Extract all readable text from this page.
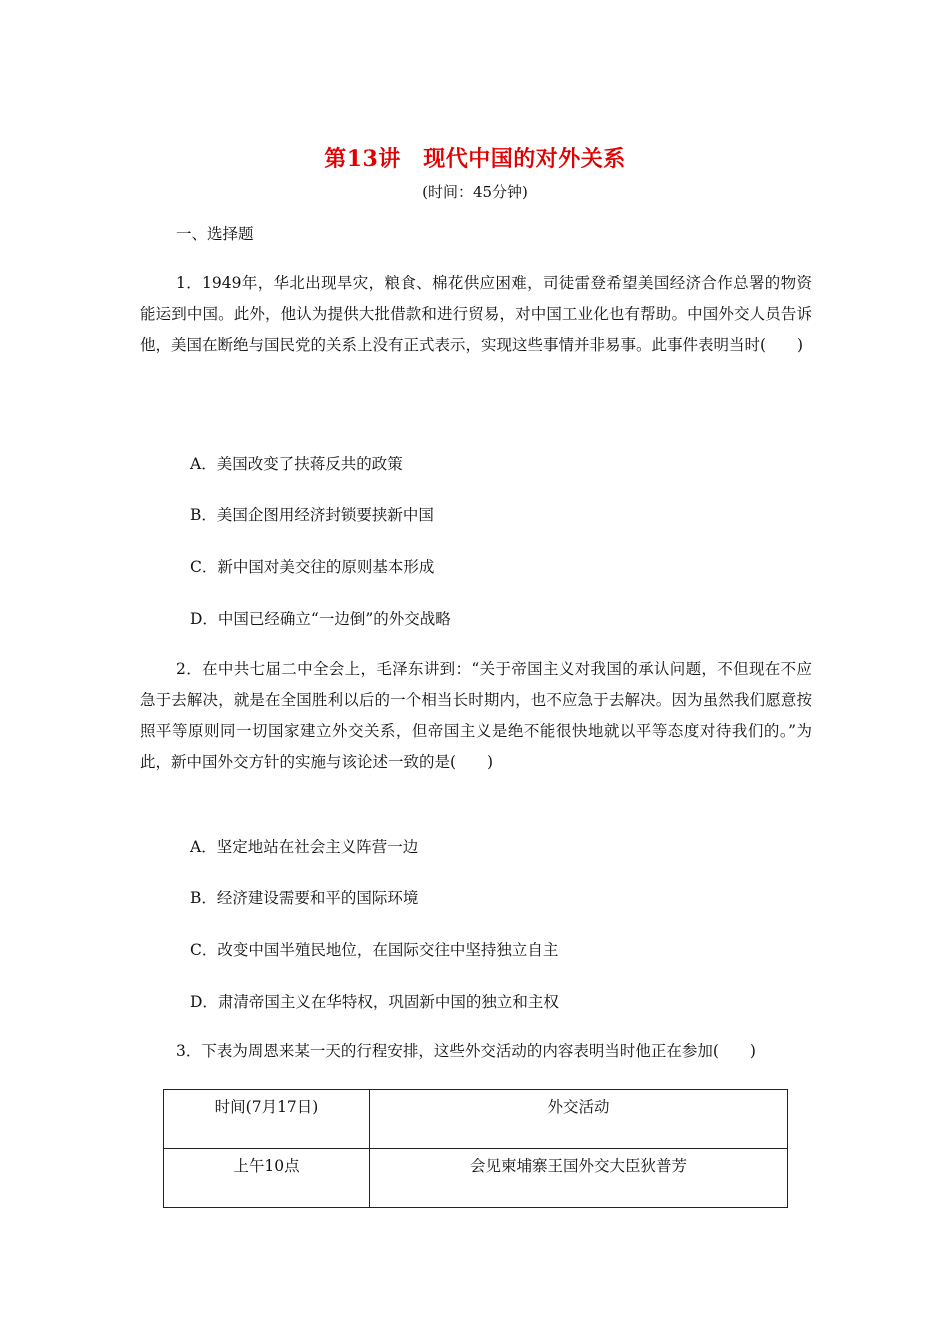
第13讲　现代中国的对外关系
(时间：45分钟)
一、选择题
1．1949年，华北出现旱灾，粮食、棉花供应困难，司徒雷登希望美国经济合作总署的物资能运到中国。此外，他认为提供大批借款和进行贸易，对中国工业化也有帮助。中国外交人员告诉他，美国在断绝与国民党的关系上没有正式表示，实现这些事情并非易事。此事件表明当时(　　)
A．美国改变了扶蒋反共的政策
B．美国企图用经济封锁要挟新中国
C．新中国对美交往的原则基本形成
D．中国已经确立“一边倒”的外交战略
2．在中共七届二中全会上，毛泽东讲到：“关于帝国主义对我国的承认问题，不但现在不应急于去解决，就是在全国胜利以后的一个相当长时期内，也不应急于去解决。因为虽然我们愿意按照平等原则同一切国家建立外交关系，但帝国主义是绝不能很快地就以平等态度对待我们的。”为此，新中国外交方针的实施与该论述一致的是(　　)
A．坚定地站在社会主义阵营一边
B．经济建设需要和平的国际环境
C．改变中国半殖民地位，在国际交往中坚持独立自主
D．肃清帝国主义在华特权，巩固新中国的独立和主权
3．下表为周恩来某一天的行程安排，这些外交活动的内容表明当时他正在参加(　　)
时间(7月17日)	外交活动
上午10点	会见柬埔寨王国外交大臣狄普芳
